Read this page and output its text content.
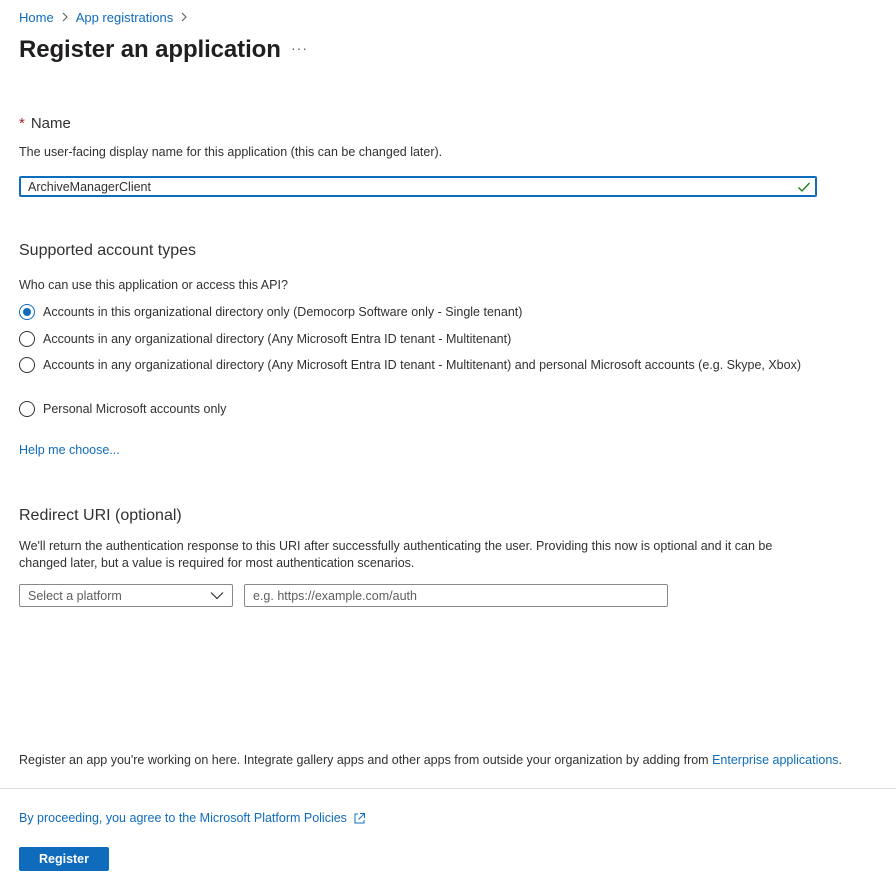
Home App registrations
Register an application ···
* Name
The user-facing display name for this application (this can be changed later).
ArchiveManagerClient
Supported account types
Who can use this application or access this API?
Accounts in this organizational directory only (Democorp Software only - Single tenant)
Accounts in any organizational directory (Any Microsoft Entra ID tenant - Multitenant)
Accounts in any organizational directory (Any Microsoft Entra ID tenant - Multitenant) and personal Microsoft accounts (e.g. Skype, Xbox)
Personal Microsoft accounts only
Help me choose...
Redirect URI (optional)
We'll return the authentication response to this URI after successfully authenticating the user. Providing this now is optional and it can be changed later, but a value is required for most authentication scenarios.
Select a platform
e.g. https://example.com/auth
Register an app you're working on here. Integrate gallery apps and other apps from outside your organization by adding from Enterprise applications.
By proceeding, you agree to the Microsoft Platform Policies
Register
